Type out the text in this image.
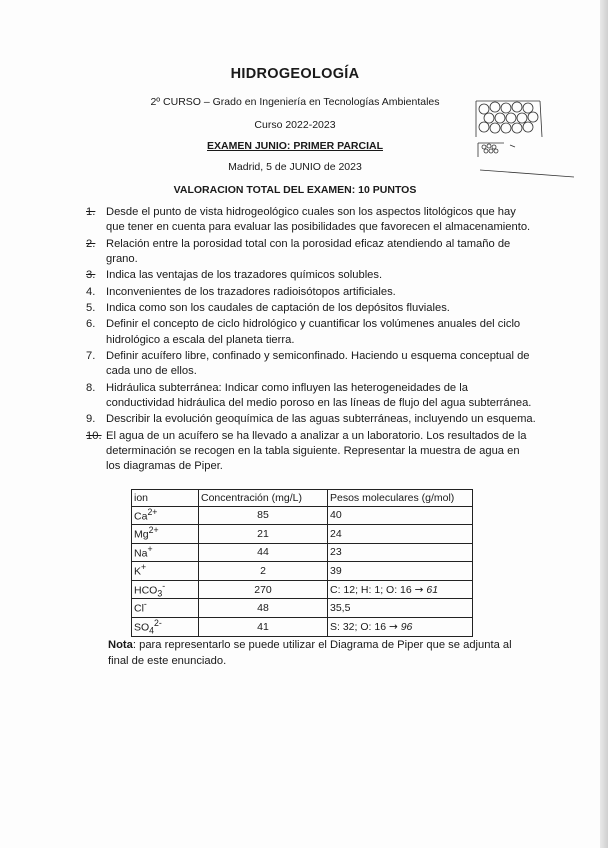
HIDROGEOLOGÍA
2º CURSO – Grado en Ingeniería en Tecnologías Ambientales
Curso 2022-2023
EXAMEN JUNIO: PRIMER PARCIAL
Madrid, 5 de JUNIO de 2023
VALORACION TOTAL DEL EXAMEN: 10 PUNTOS
1. Desde el punto de vista hidrogeológico cuales son los aspectos litológicos que hay que tener en cuenta para evaluar las posibilidades que favorecen el almacenamiento.
2. Relación entre la porosidad total con la porosidad eficaz atendiendo al tamaño de grano.
3. Indica las ventajas de los trazadores químicos solubles.
4. Inconvenientes de los trazadores radioisótopos artificiales.
5. Indica como son los caudales de captación de los depósitos fluviales.
6. Definir el concepto de ciclo hidrológico y cuantificar los volúmenes anuales del ciclo hidrológico a escala del planeta tierra.
7. Definir acuífero libre, confinado y semiconfinado. Haciendo u esquema conceptual de cada uno de ellos.
8. Hidráulica subterránea: Indicar como influyen las heterogeneidades de la conductividad hidráulica del medio poroso en las líneas de flujo del agua subterránea.
9. Describir la evolución geoquímica de las aguas subterráneas, incluyendo un esquema.
10. El agua de un acuífero se ha llevado a analizar a un laboratorio. Los resultados de la determinación se recogen en la tabla siguiente. Representar la muestra de agua en los diagramas de Piper.
ion	Concentración (mg/L)	Pesos moleculares (g/mol)
$Ca^{2+}$	85	40
$Mg^{2+}$	21	24
Na+	44	23
K+	2	39
$HCO_3^-$	270	C: 12; H: 1; O: 16 → 61
Cl-	48	35,5
$SO_4^{2-}$	41	S: 32; O: 16 → 96
Nota: para representarlo se puede utilizar el Diagrama de Piper que se adjunta al final de este enunciado.
